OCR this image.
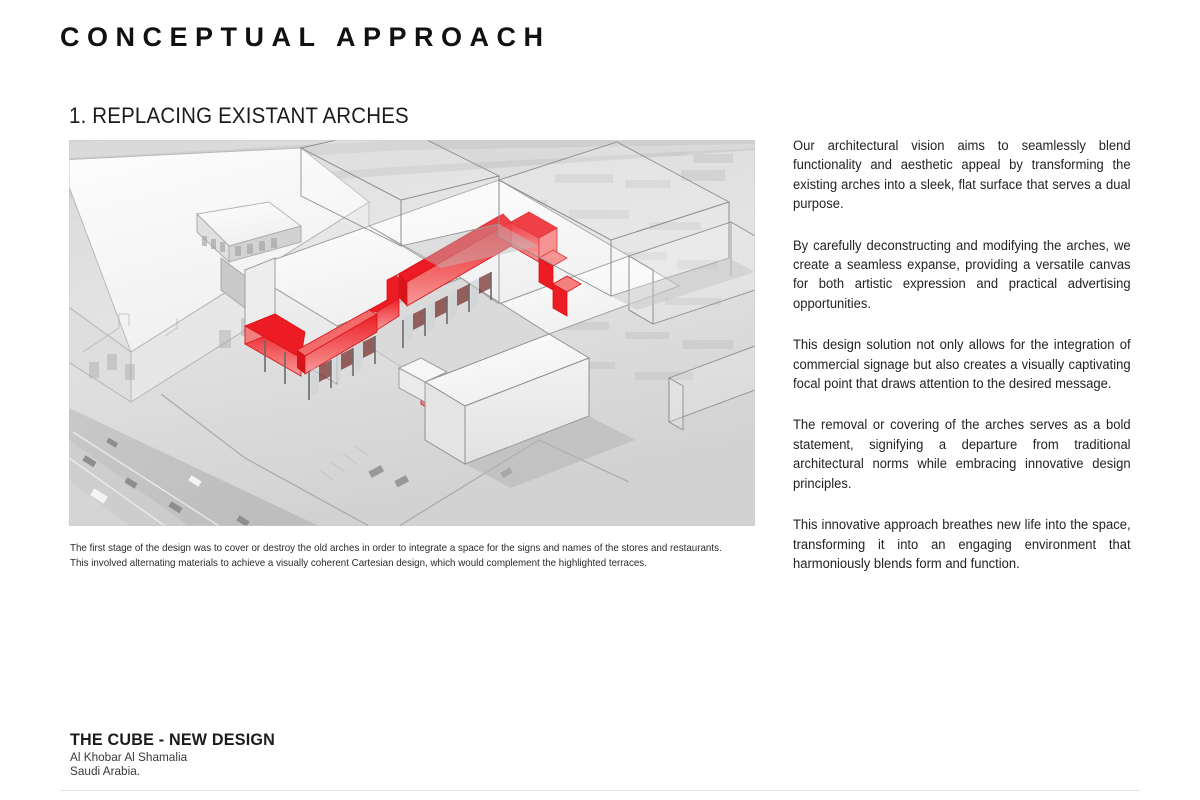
CONCEPTUAL APPROACH
1. REPLACING EXISTANT ARCHES
The first stage of the design was to cover or destroy the old arches in order to integrate a space for the signs and names of the stores and restaurants. This involved alternating materials to achieve a visually coherent Cartesian design, which would complement the highlighted terraces.

Our architectural vision aims to seamlessly blend functionality and aesthetic appeal by transforming the existing arches into a sleek, flat surface that serves a dual purpose.

By carefully deconstructing and modifying the arches, we create a seamless expanse, providing a versatile canvas for both artistic expression and practical advertising opportunities.

This design solution not only allows for the integration of commercial signage but also creates a visually captivating focal point that draws attention to the desired message.

The removal or covering of the arches serves as a bold statement, signifying a departure from traditional architectural norms while embracing innovative design principles.

This innovative approach breathes new life into the space, transforming it into an engaging environment that harmoniously blends form and function.

THE CUBE - NEW DESIGN
Al Khobar Al Shamalia
Saudi Arabia.
